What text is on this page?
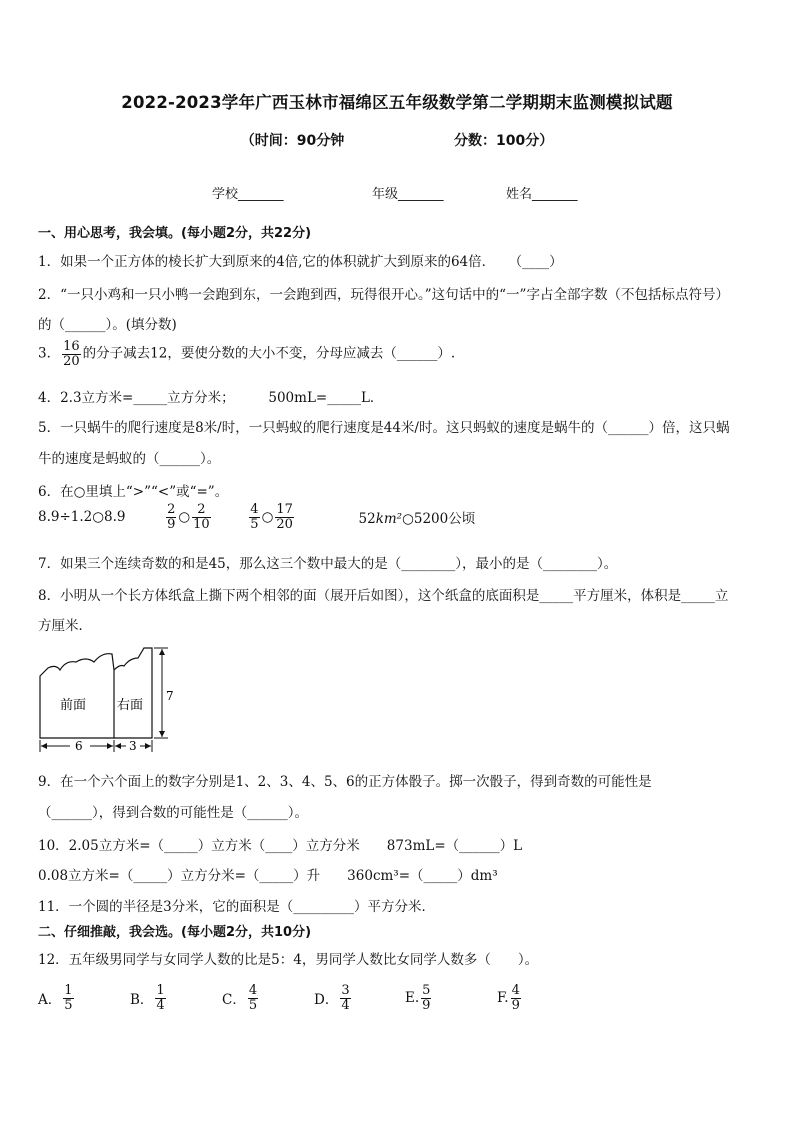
2022-2023学年广西玉林市福绵区五年级数学第二学期期末监测模拟试题
（时间：90分钟	分数：100分）
学校_______	年级_______	姓名_______
一、用心思考，我会填。(每小题2分，共22分)
1．如果一个正方体的棱长扩大到原来的4倍,它的体积就扩大到原来的64倍．　　（____）
2．“一只小鸡和一只小鸭一会跑到东，一会跑到西，玩得很开心。”这句话中的“一”字占全部字数（不包括标点符号）
的（______）。(填分数)
3． $\frac{16}{20}$ 的分子减去12，要使分数的大小不变，分母应减去（______）.
4．2.3立方米=_____立方分米；　　　500mL=_____L．
5．一只蜗牛的爬行速度是8米/时，一只蚂蚁的爬行速度是44米/时。这只蚂蚁的速度是蜗牛的（______）倍，这只蜗
牛的速度是蚂蚁的（______）。
6．在○里填上“>”“<”或“=”。
8.9÷1.2○8.9	$\frac{2}{9}$ ○ $\frac{2}{10}$
	$\frac{4}{5}$ ○ $\frac{17}{20}$	52km²○5200公顷
7．如果三个连续奇数的和是45，那么这三个数中最大的是（________），最小的是（________）。
8．小明从一个长方体纸盒上撕下两个相邻的面（展开后如图），这个纸盒的底面积是_____平方厘米，体积是_____立
方厘米．
前面 右面
6	3
7
9．在一个六个面上的数字分别是1、2、3、4、5、6的正方体骰子。掷一次骰子，得到奇数的可能性是
（______），得到合数的可能性是（______）。
10．2.05立方米=（_____）立方米（____）立方分米　　873mL=（______）L
0.08立方米=（_____）立方分米=（_____）升　　360cm³=（_____）dm³
11．一个圆的半径是3分米，它的面积是（_________）平方分米．
二、仔细推敲，我会选。(每小题2分，共10分)
12．五年级男同学与女同学人数的比是5：4，男同学人数比女同学人数多（　　）。
A． $\frac{1}{5}$	B． $\frac{1}{4}$	C． $\frac{4}{5}$	D． $\frac{3}{4}$	E. $\frac{5}{9}$	F. $\frac{4}{9}$
